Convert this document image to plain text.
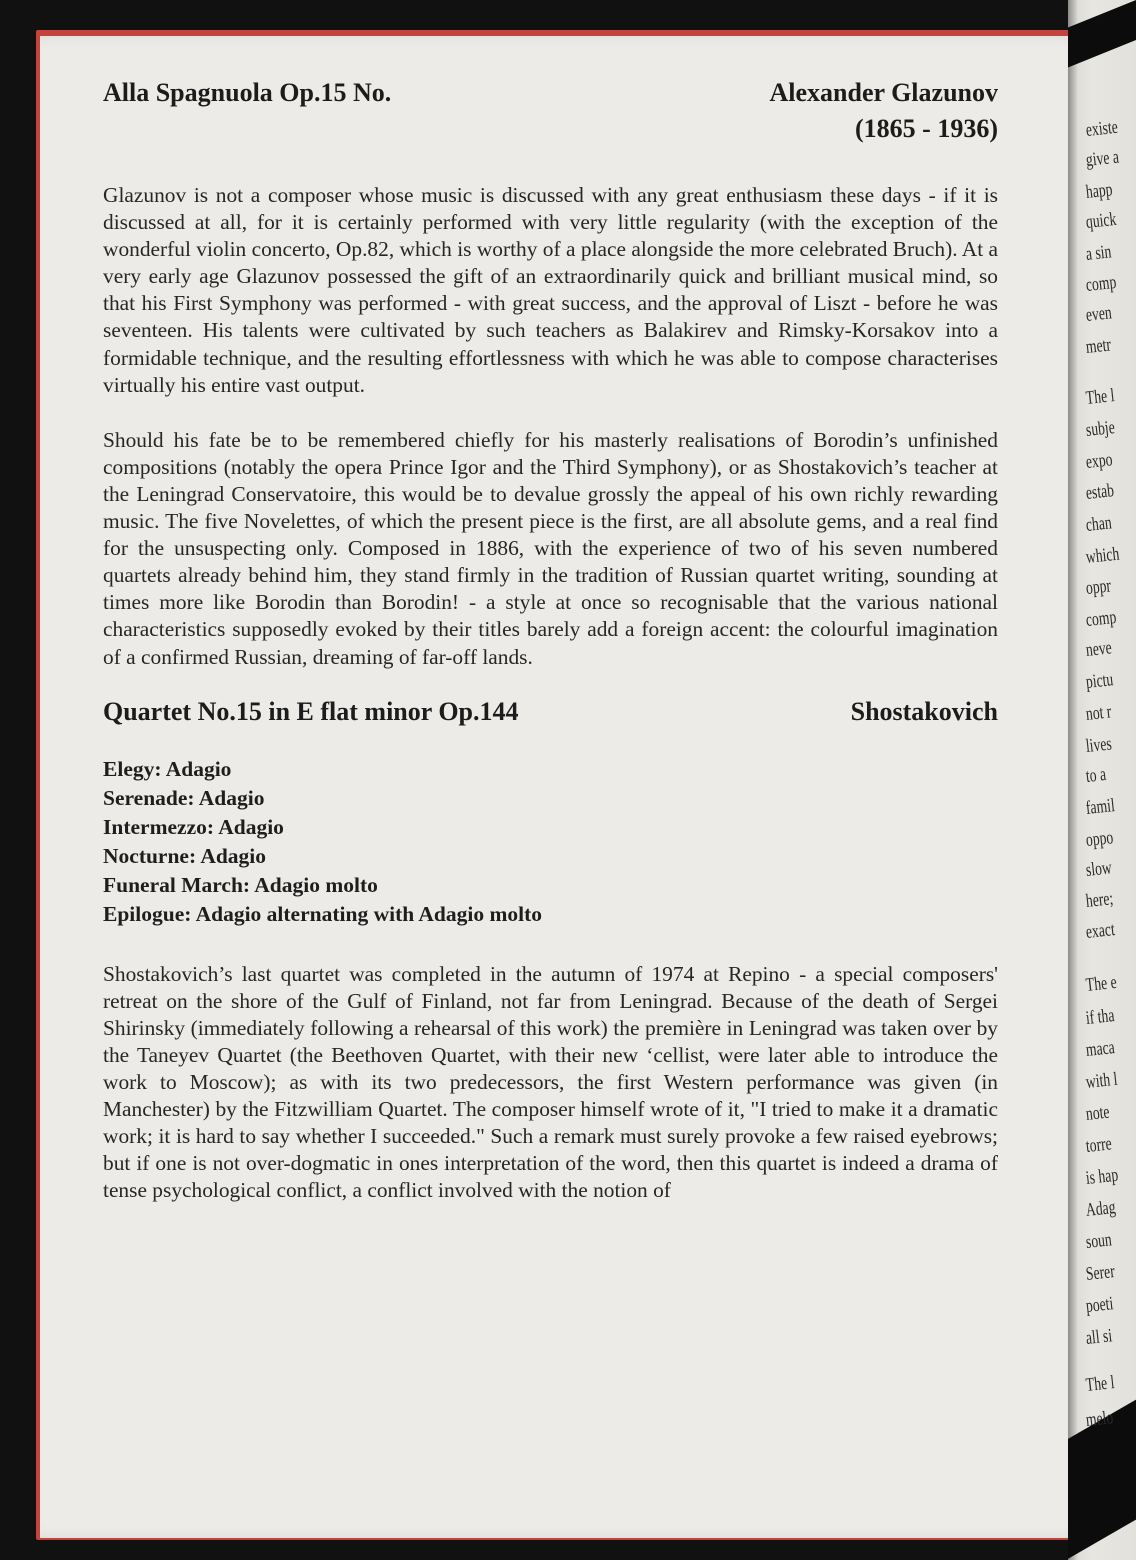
existe
give a
happ
quick
a sin
comp
even
metr
The l
subje
expo
estab
chan
which
oppr
comp
neve
pictu
not r
lives
to a
famil
oppo
slow
here;
exact
The e
if tha
maca
with l
note
torre
is hap
Adag
soun
Serer
poeti
all si
The l
melo
Alla Spagnuola Op.15 No.	Alexander Glazunov
(1865 - 1936)

Glazunov is not a composer whose music is discussed with any great enthusiasm these days - if it is discussed at all, for it is certainly performed with very little regularity (with the exception of the wonderful violin concerto, Op.82, which is worthy of a place alongside the more celebrated Bruch). At a very early age Glazunov possessed the gift of an extraordinarily quick and brilliant musical mind, so that his First Symphony was performed - with great success, and the approval of Liszt - before he was seventeen. His talents were cultivated by such teachers as Balakirev and Rimsky-Korsakov into a formidable technique, and the resulting effortlessness with which he was able to compose characterises virtually his entire vast output.

Should his fate be to be remembered chiefly for his masterly realisations of Borodin’s unfinished compositions (notably the opera Prince Igor and the Third Symphony), or as Shostakovich’s teacher at the Leningrad Conservatoire, this would be to devalue grossly the appeal of his own richly rewarding music. The five Novelettes, of which the present piece is the first, are all absolute gems, and a real find for the unsuspecting only. Composed in 1886, with the experience of two of his seven numbered quartets already behind him, they stand firmly in the tradition of Russian quartet writing, sounding at times more like Borodin than Borodin! - a style at once so recognisable that the various national characteristics supposedly evoked by their titles barely add a foreign accent: the colourful imagination of a confirmed Russian, dreaming of far-off lands.

Quartet No.15 in E flat minor Op.144	Shostakovich
Elegy: Adagio
Serenade: Adagio
Intermezzo: Adagio
Nocturne: Adagio
Funeral March: Adagio molto
Epilogue: Adagio alternating with Adagio molto

Shostakovich’s last quartet was completed in the autumn of 1974 at Repino - a special composers' retreat on the shore of the Gulf of Finland, not far from Leningrad. Because of the death of Sergei Shirinsky (immediately following a rehearsal of this work) the première in Leningrad was taken over by the Taneyev Quartet (the Beethoven Quartet, with their new ‘cellist, were later able to introduce the work to Moscow); as with its two predecessors, the first Western performance was given (in Manchester) by the Fitzwilliam Quartet. The composer himself wrote of it, "I tried to make it a dramatic work; it is hard to say whether I succeeded." Such a remark must surely provoke a few raised eyebrows; but if one is not over-dogmatic in ones interpretation of the word, then this quartet is indeed a drama of tense psychological conflict, a conflict involved with the notion of
